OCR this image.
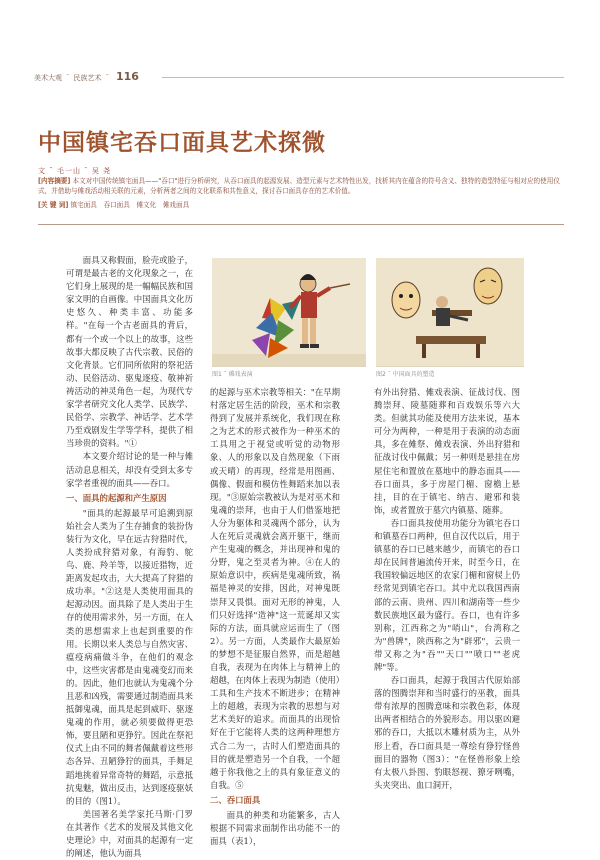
美术大观 ¯ 民族艺术 ¯ 116
中国镇宅吞口面具艺术探微
文 ¯ 毛一山 ¯ 吴 尧
[内容摘要] 本文对中国传统镇宅面具——"吞口"进行分析研究，从吞口面具的起源发展、造型元素与艺术特性出发，找析其内在蕴含的符号含义、独特的造型特征与相对应的使用仪式，并借助与傩戏活动相关联的元素，分析两者之间的文化联系和共性意义，探讨吞口面具存在的艺术价值。
[关 键 词] 镇宅面具　吞口面具　傩文化　傩戏面具

面具又称假面，脸壳或脸子，可谓是最古老的文化现象之一，在它们身上展现的是一幅幅民族和国家文明的自画像。中国面具文化历史悠久、种类丰富、功能多样。"在每一个古老面具的背后，都有一个或一个以上的故事，这些故事大都反映了古代宗教、民俗的文化背景。它们同所依附的祭祀活动、民俗活动、驱鬼逐疫、敬神祈祷活动的神灵角色一起，为现代专家学者研究文化人类学、民族学、民俗学、宗教学、神话学、艺术学乃至戏剧发生学等学科，提供了相当珍贵的资料。"①

本文要介绍讨论的是一种与傩活动息息相关，却没有受到太多专家学者重视的面具——吞口。

一、面具的起源和产生原因

"面具的起源最早可追溯到原始社会人类为了生存捕食的装扮伪装行为文化，早在远古狩猎时代，人类扮成狩猎对象，有海豹、鸵鸟、鹿、羚羊等，以接近猎物，近距离发起攻击，大大提高了狩猎的成功率。"②这是人类使用面具的起源动因。面具除了是人类出于生存的使用需求外，另一方面，在人类的思想需求上也起到重要的作用。长期以来人类总与自然灾害、瘟疫病痛做斗争，在他们的观念中，这些灾害都是由鬼魂变幻而来的。因此，他们也就认为鬼魂个分且恶和凶残，需要通过制造面具来抵御鬼魂，面具是起到威吓、驱逐鬼魂的作用，就必须要做得更恐怖，要且陋和更狰狞。因此在祭祀仪式上由不同的舞者佩戴着这些形态各异、丑陋狰狞的面具，手舞足蹈地挑着异常奇特的舞蹈，示意抵抗鬼魅，做出反击，达到逐疫驱妖的目的（图1）。

美国著名美学家托马斯·门罗在其著作《艺术的发展及其他文化史理论》中，对面具的起源有一定的阐述，他认为面具

图1 ¯ 傩戏表演	图2 ¯ 中国面具的塑造

的起源与巫术宗教等相关："在早期村落定居生活的阶段，巫术和宗教得到了发展并系统化，我们现在称之为艺术的形式被作为一种巫术的工具用之于视觉或听觉的动物形象、人的形象以及自然现象（下雨或天晴）的再现，经常是用图画、偶像、假面和模仿性舞蹈来加以表现。"③原始宗教被认为是对巫术和鬼魂的崇拜，也由于人们借鉴地把人分为躯体和灵魂两个部分，认为人在死后灵魂就会离开躯干，继而产生鬼魂的概念，并出现神和鬼的分野，鬼之至灵者为神。④在人的原始意识中，疾病是鬼魂所致，祸福是神灵的安排，因此，对神鬼既崇拜又畏惧。面对无形的神鬼，人们只好选择"造神"这一荒诞却又实际的方法，面具就应运而生了（图2）。另一方面，人类最作大最原始的梦想不是征服自然界，而是超越自我，表现为在肉体上与精神上的超越，在肉体上表现为制造（使用）工具和生产技术不断进步；在精神上的超越，表现为宗教的思想与对艺术美好的追求。而面具的出现恰好在于它能将人类的这两种理想方式合二为一，古时人们塑造面具的目的就是塑造另一个自我，一个超越于你我他之上的具有象征意义的自我。⑤

二、吞口面具

面具的种类和功能繁多，古人根据不同需求面制作出功能不一的面具（表1），

有外出狩猎、傩戏表演、征战讨伐、图腾崇拜、陵墓随葬和百戏娱乐等六大类。但就其功能及使用方法来说，基本可分为两种，一种是用于表演的动态面具，多在傩祭、傩戏表演、外出狩猎和征战讨伐中佩戴；另一种则是悬挂在房屋住宅和置放在墓地中的静态面具——吞口面具，多于房屋门楣、窗檐上悬挂，目的在于镇宅、纳吉、避邪和装饰，或者置放于墓穴内镇墓、随葬。

吞口面具按使用功能分为镇宅吞口和镇墓吞口两种，但自汉代以后，用于镇墓的吞口已越来越少，而镇宅的吞口却在民间普遍流传开来，时至今日，在我国较偏远地区的农家门楣和窗棂上仍经常见到镇宅吞口。其中尤以我国西南部的云南、贵州、四川和湖南等一些少数民族地区最为盛行。吞口，也有许多别称，江西称之为"哨山"，台湾称之为"兽牌"，陕西称之为"辟邪"，云贵一带又称之为"吞""天口""喷口""老虎牌"等。

吞口面具，起源于我国古代原始部落的图腾崇拜和当时盛行的巫教，面具带有浓厚的图腾意味和宗教色彩，体现出两者相结合的外貌形态。用以驱凶避邪的吞口，大抵以木雕材质为主，从外形上看，吞口面具是一尊绘有狰狞怪兽面目的器物（图3）："在怪兽形象上绘有太极八卦图、豹眼怒视、獠牙咧嘴，头夹突出、血口洞开，
